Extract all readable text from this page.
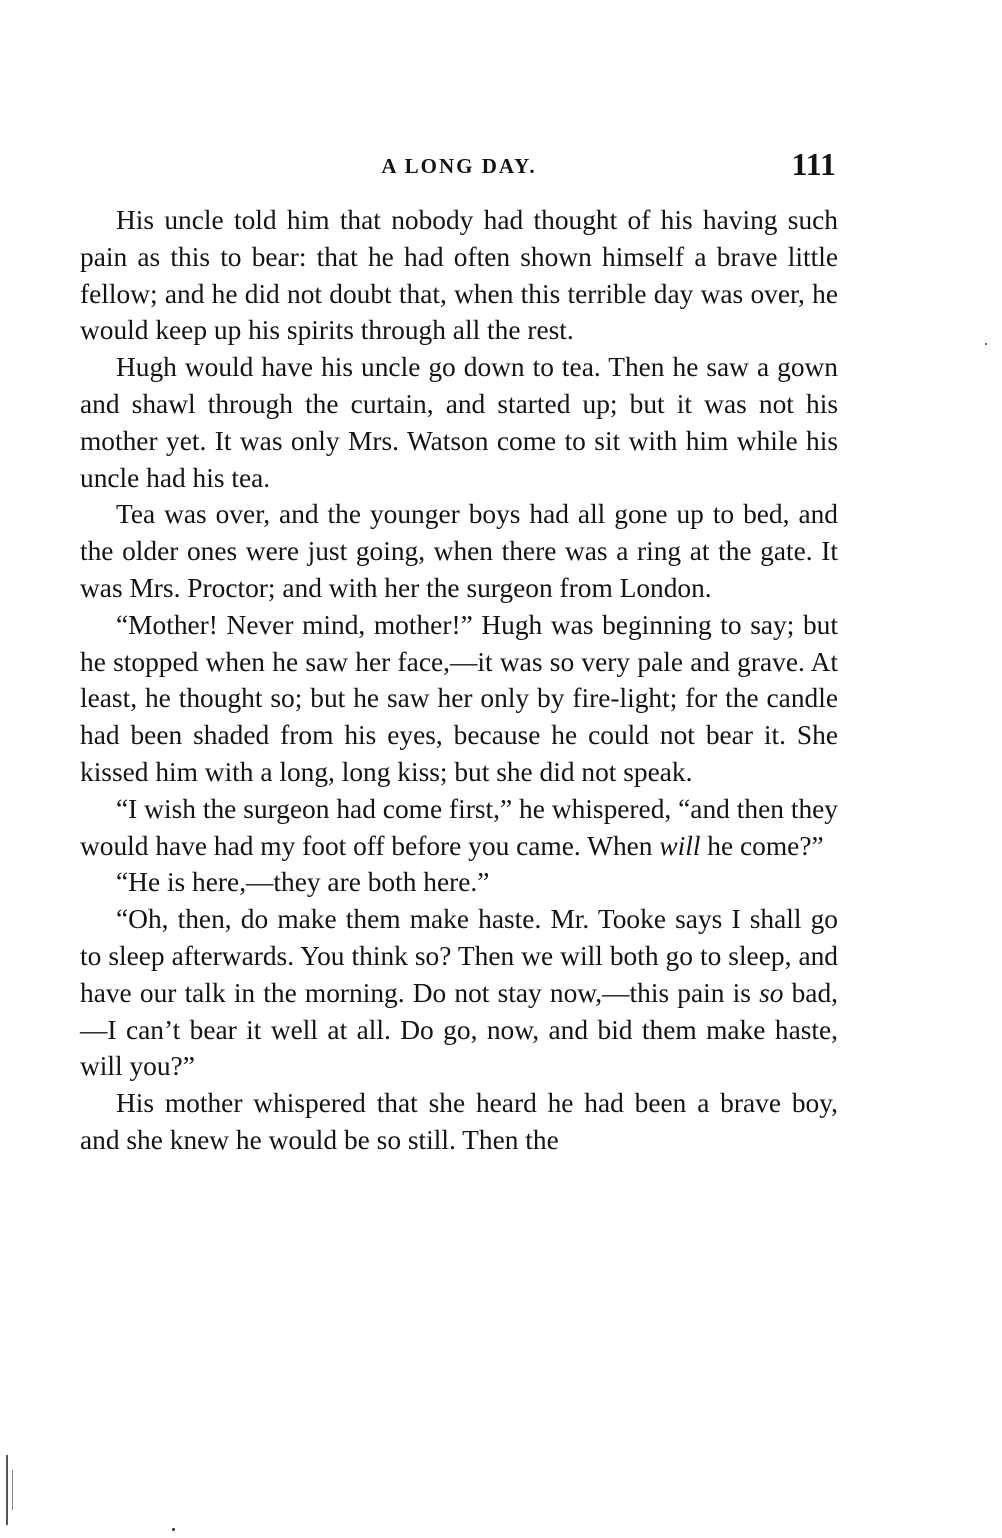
A LONG DAY.	111

His uncle told him that nobody had thought of his having such pain as this to bear: that he had often shown himself a brave little fellow; and he did not doubt that, when this terrible day was over, he would keep up his spirits through all the rest.

Hugh would have his uncle go down to tea. Then he saw a gown and shawl through the curtain, and started up; but it was not his mother yet. It was only Mrs. Watson come to sit with him while his uncle had his tea.

Tea was over, and the younger boys had all gone up to bed, and the older ones were just going, when there was a ring at the gate. It was Mrs. Proctor; and with her the surgeon from London.

“Mother! Never mind, mother!” Hugh was beginning to say; but he stopped when he saw her face,—it was so very pale and grave. At least, he thought so; but he saw her only by fire-light; for the candle had been shaded from his eyes, because he could not bear it. She kissed him with a long, long kiss; but she did not speak.

“I wish the surgeon had come first,” he whispered, “and then they would have had my foot off before you came. When will he come?”

“He is here,—they are both here.”

“Oh, then, do make them make haste. Mr. Tooke says I shall go to sleep afterwards. You think so? Then we will both go to sleep, and have our talk in the morning. Do not stay now,—this pain is so bad,—I can’t bear it well at all. Do go, now, and bid them make haste, will you?”

His mother whispered that she heard he had been a brave boy, and she knew he would be so still. Then the
